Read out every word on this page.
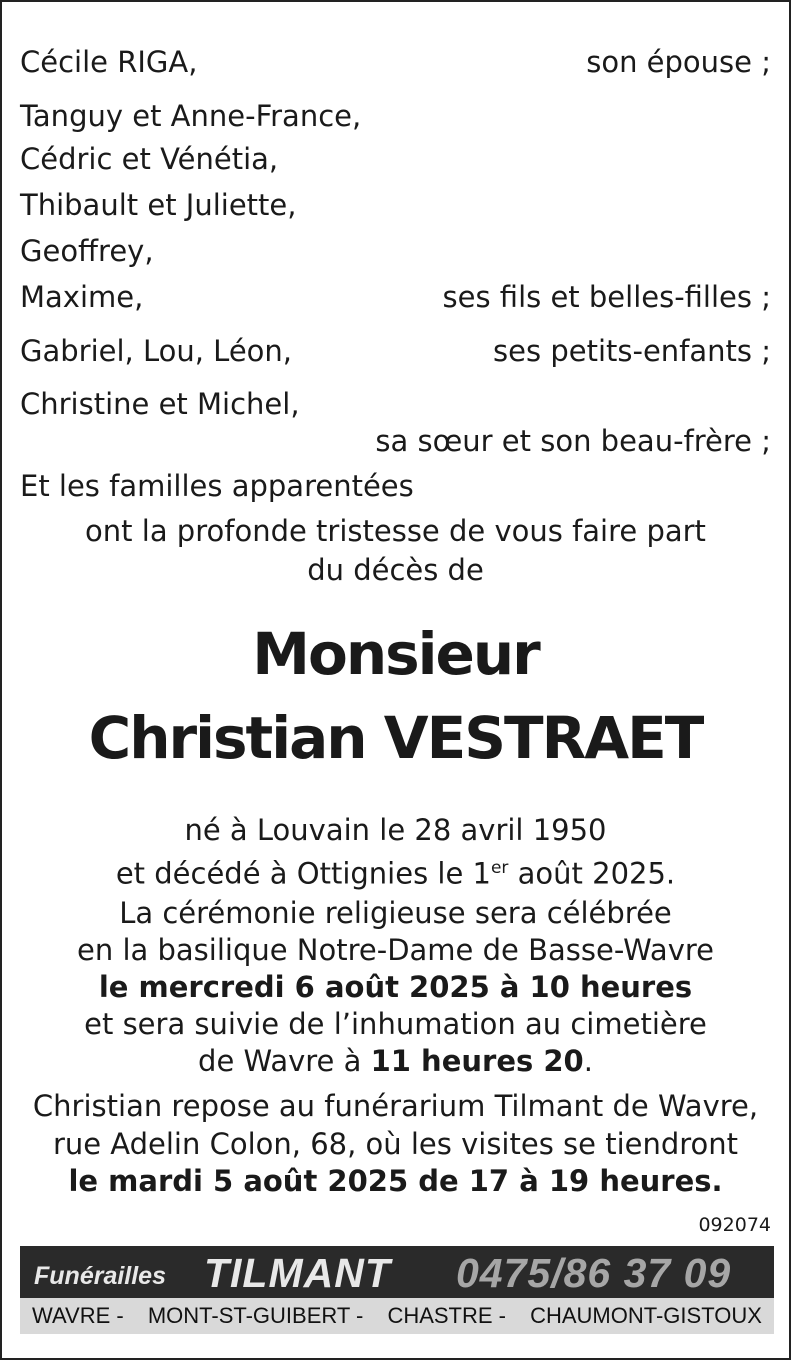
Cécile RIGA,	son épouse ;
Tanguy et Anne-France,
Cédric et Vénétia,
Thibault et Juliette,
Geoffrey,
Maxime,	ses fils et belles-filles ;
Gabriel, Lou, Léon,	ses petits-enfants ;
Christine et Michel,
sa sœur et son beau-frère ;
Et les familles apparentées
ont la profonde tristesse de vous faire part
du décès de
Monsieur
Christian VESTRAET
né à Louvain le 28 avril 1950
et décédé à Ottignies le 1er août 2025.
La cérémonie religieuse sera célébrée
en la basilique Notre-Dame de Basse-Wavre
le mercredi 6 août 2025 à 10 heures
et sera suivie de l’inhumation au cimetière
de Wavre à 11 heures 20.
Christian repose au funérarium Tilmant de Wavre,
rue Adelin Colon, 68, où les visites se tiendront
le mardi 5 août 2025 de 17 à 19 heures.
092074
Funérailles TILMANT 0475/86 37 09
WAVRE - MONT-ST-GUIBERT - CHASTRE - CHAUMONT-GISTOUX
